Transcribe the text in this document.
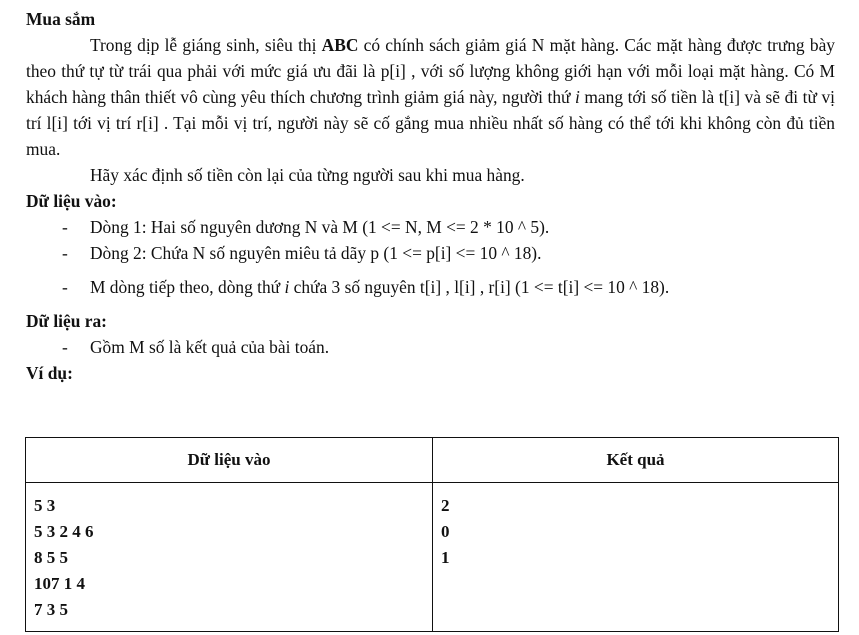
Mua sắm

Trong dịp lễ giáng sinh, siêu thị ABC có chính sách giảm giá N mặt hàng. Các mặt hàng được trưng bày theo thứ tự từ trái qua phải với mức giá ưu đãi là p[i] , với số lượng không giới hạn với mỗi loại mặt hàng. Có M khách hàng thân thiết vô cùng yêu thích chương trình giảm giá này, người thứ i mang tới số tiền là t[i] và sẽ đi từ vị trí l[i] tới vị trí r[i] . Tại mỗi vị trí, người này sẽ cố gắng mua nhiều nhất số hàng có thể tới khi không còn đủ tiền mua.

Hãy xác định số tiền còn lại của từng người sau khi mua hàng.

Dữ liệu vào:

- Dòng 1: Hai số nguyên dương N và M (1 <= N, M <= 2 * 10 ^ 5).
- Dòng 2: Chứa N số nguyên miêu tả dãy p (1 <= p[i] <= 10 ^ 18).
- M dòng tiếp theo, dòng thứ i chứa 3 số nguyên t[i] , l[i] , r[i] (1 <= t[i] <= 10 ^ 18).

Dữ liệu ra:

- Gồm M số là kết quả của bài toán.

Ví dụ:

Dữ liệu vào	Kết quả

5 3
5 3 2 4 6
8 5 5
107 1 4
7 3 5	2
0
1
